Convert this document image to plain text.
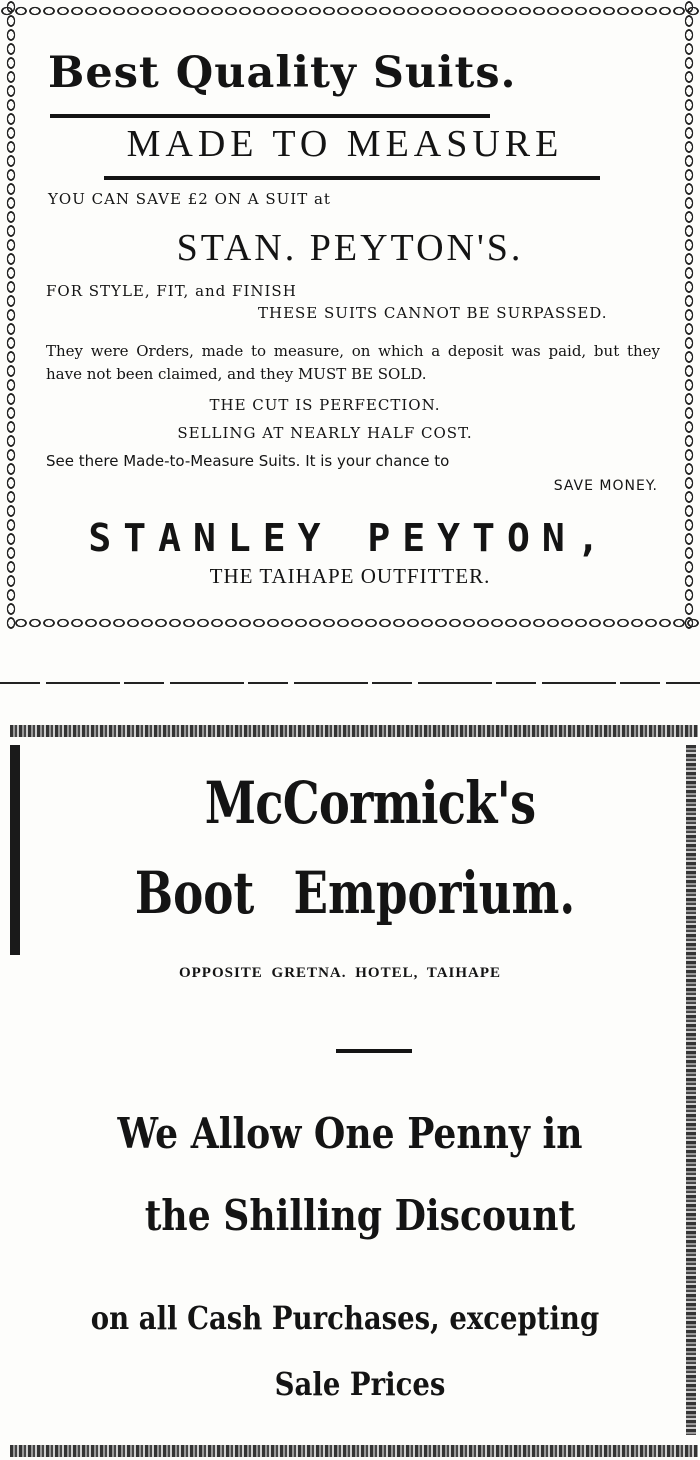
Best Quality Suits.
MADE TO MEASURE
YOU CAN SAVE £2 ON A SUIT at
STAN. PEYTON'S.
FOR STYLE, FIT, and FINISH
THESE SUITS CANNOT BE SURPASSED.
They were Orders, made to measure, on which a deposit was paid, but they have not been claimed, and they MUST BE SOLD.
THE CUT IS PERFECTION.
SELLING AT NEARLY HALF COST.
See there Made-to-Measure Suits. It is your chance to
SAVE MONEY.
STANLEY PEYTON,
THE TAIHAPE OUTFITTER.
McCormick's
Boot Emporium.
OPPOSITE GRETNA. HOTEL, TAIHAPE
We Allow One Penny in
the Shilling Discount
on all Cash Purchases, excepting
Sale Prices
